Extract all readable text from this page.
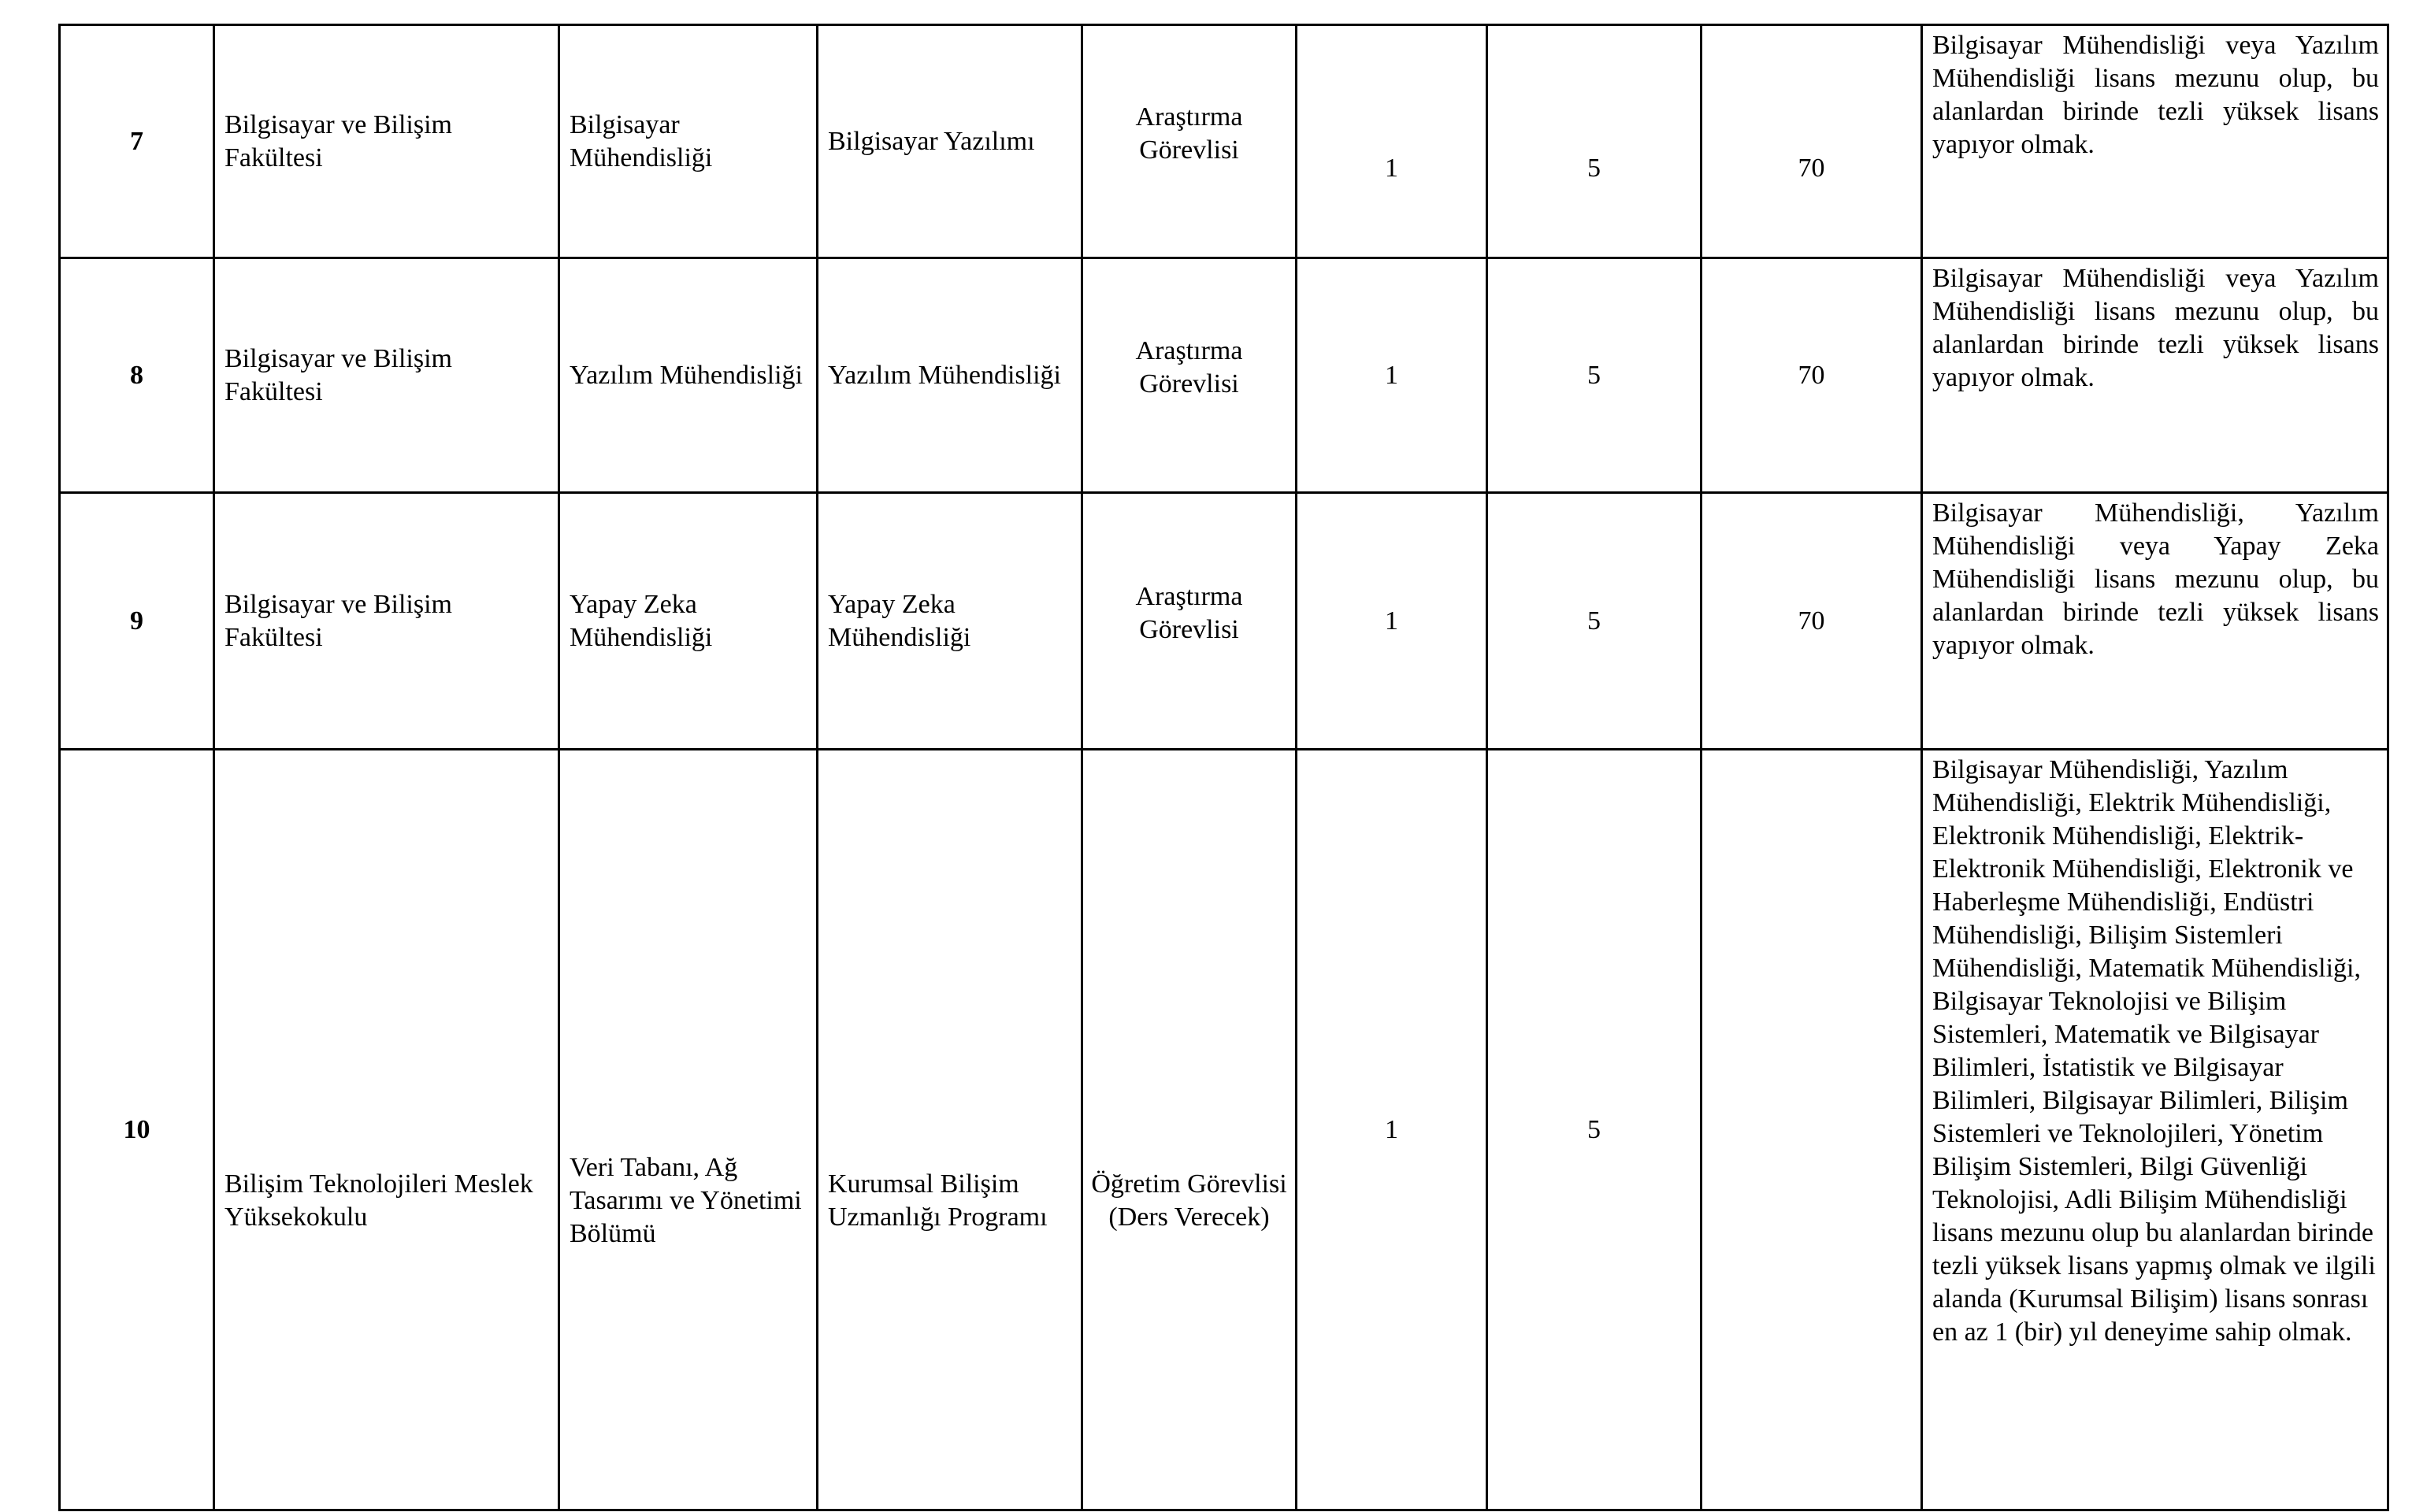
7	Bilgisayar ve Bilişim Fakültesi	Bilgisayar Mühendisliği	Bilgisayar Yazılımı	Araştırma Görevlisi	1	5	70	Bilgisayar Mühendisliği veya Yazılım Mühendisliği lisans mezunu olup, bu alanlardan birinde tezli yüksek lisans yapıyor olmak.
8	Bilgisayar ve Bilişim Fakültesi	Yazılım Mühendisliği	Yazılım Mühendisliği	Araştırma Görevlisi	1	5	70	Bilgisayar Mühendisliği veya Yazılım Mühendisliği lisans mezunu olup, bu alanlardan birinde tezli yüksek lisans yapıyor olmak.
9	Bilgisayar ve Bilişim Fakültesi	Yapay Zeka Mühendisliği	Yapay Zeka Mühendisliği	Araştırma Görevlisi	1	5	70	Bilgisayar Mühendisliği, Yazılım Mühendisliği veya Yapay Zeka Mühendisliği lisans mezunu olup, bu alanlardan birinde tezli yüksek lisans yapıyor olmak.
10	Bilişim Teknolojileri Meslek Yüksekokulu	Veri Tabanı, Ağ Tasarımı ve Yönetimi Bölümü	Kurumsal Bilişim Uzmanlığı Programı	Öğretim Görevlisi (Ders Verecek)	1	5		Bilgisayar Mühendisliği, Yazılım Mühendisliği, Elektrik Mühendisliği, Elektronik Mühendisliği, Elektrik-Elektronik Mühendisliği, Elektronik ve Haberleşme Mühendisliği, Endüstri Mühendisliği, Bilişim Sistemleri Mühendisliği, Matematik Mühendisliği, Bilgisayar Teknolojisi ve Bilişim Sistemleri, Matematik ve Bilgisayar Bilimleri, İstatistik ve Bilgisayar Bilimleri, Bilgisayar Bilimleri, Bilişim Sistemleri ve Teknolojileri, Yönetim Bilişim Sistemleri, Bilgi Güvenliği Teknolojisi, Adli Bilişim Mühendisliği lisans mezunu olup bu alanlardan birinde tezli yüksek lisans yapmış olmak ve ilgili alanda (Kurumsal Bilişim) lisans sonrası en az 1 (bir) yıl deneyime sahip olmak.
